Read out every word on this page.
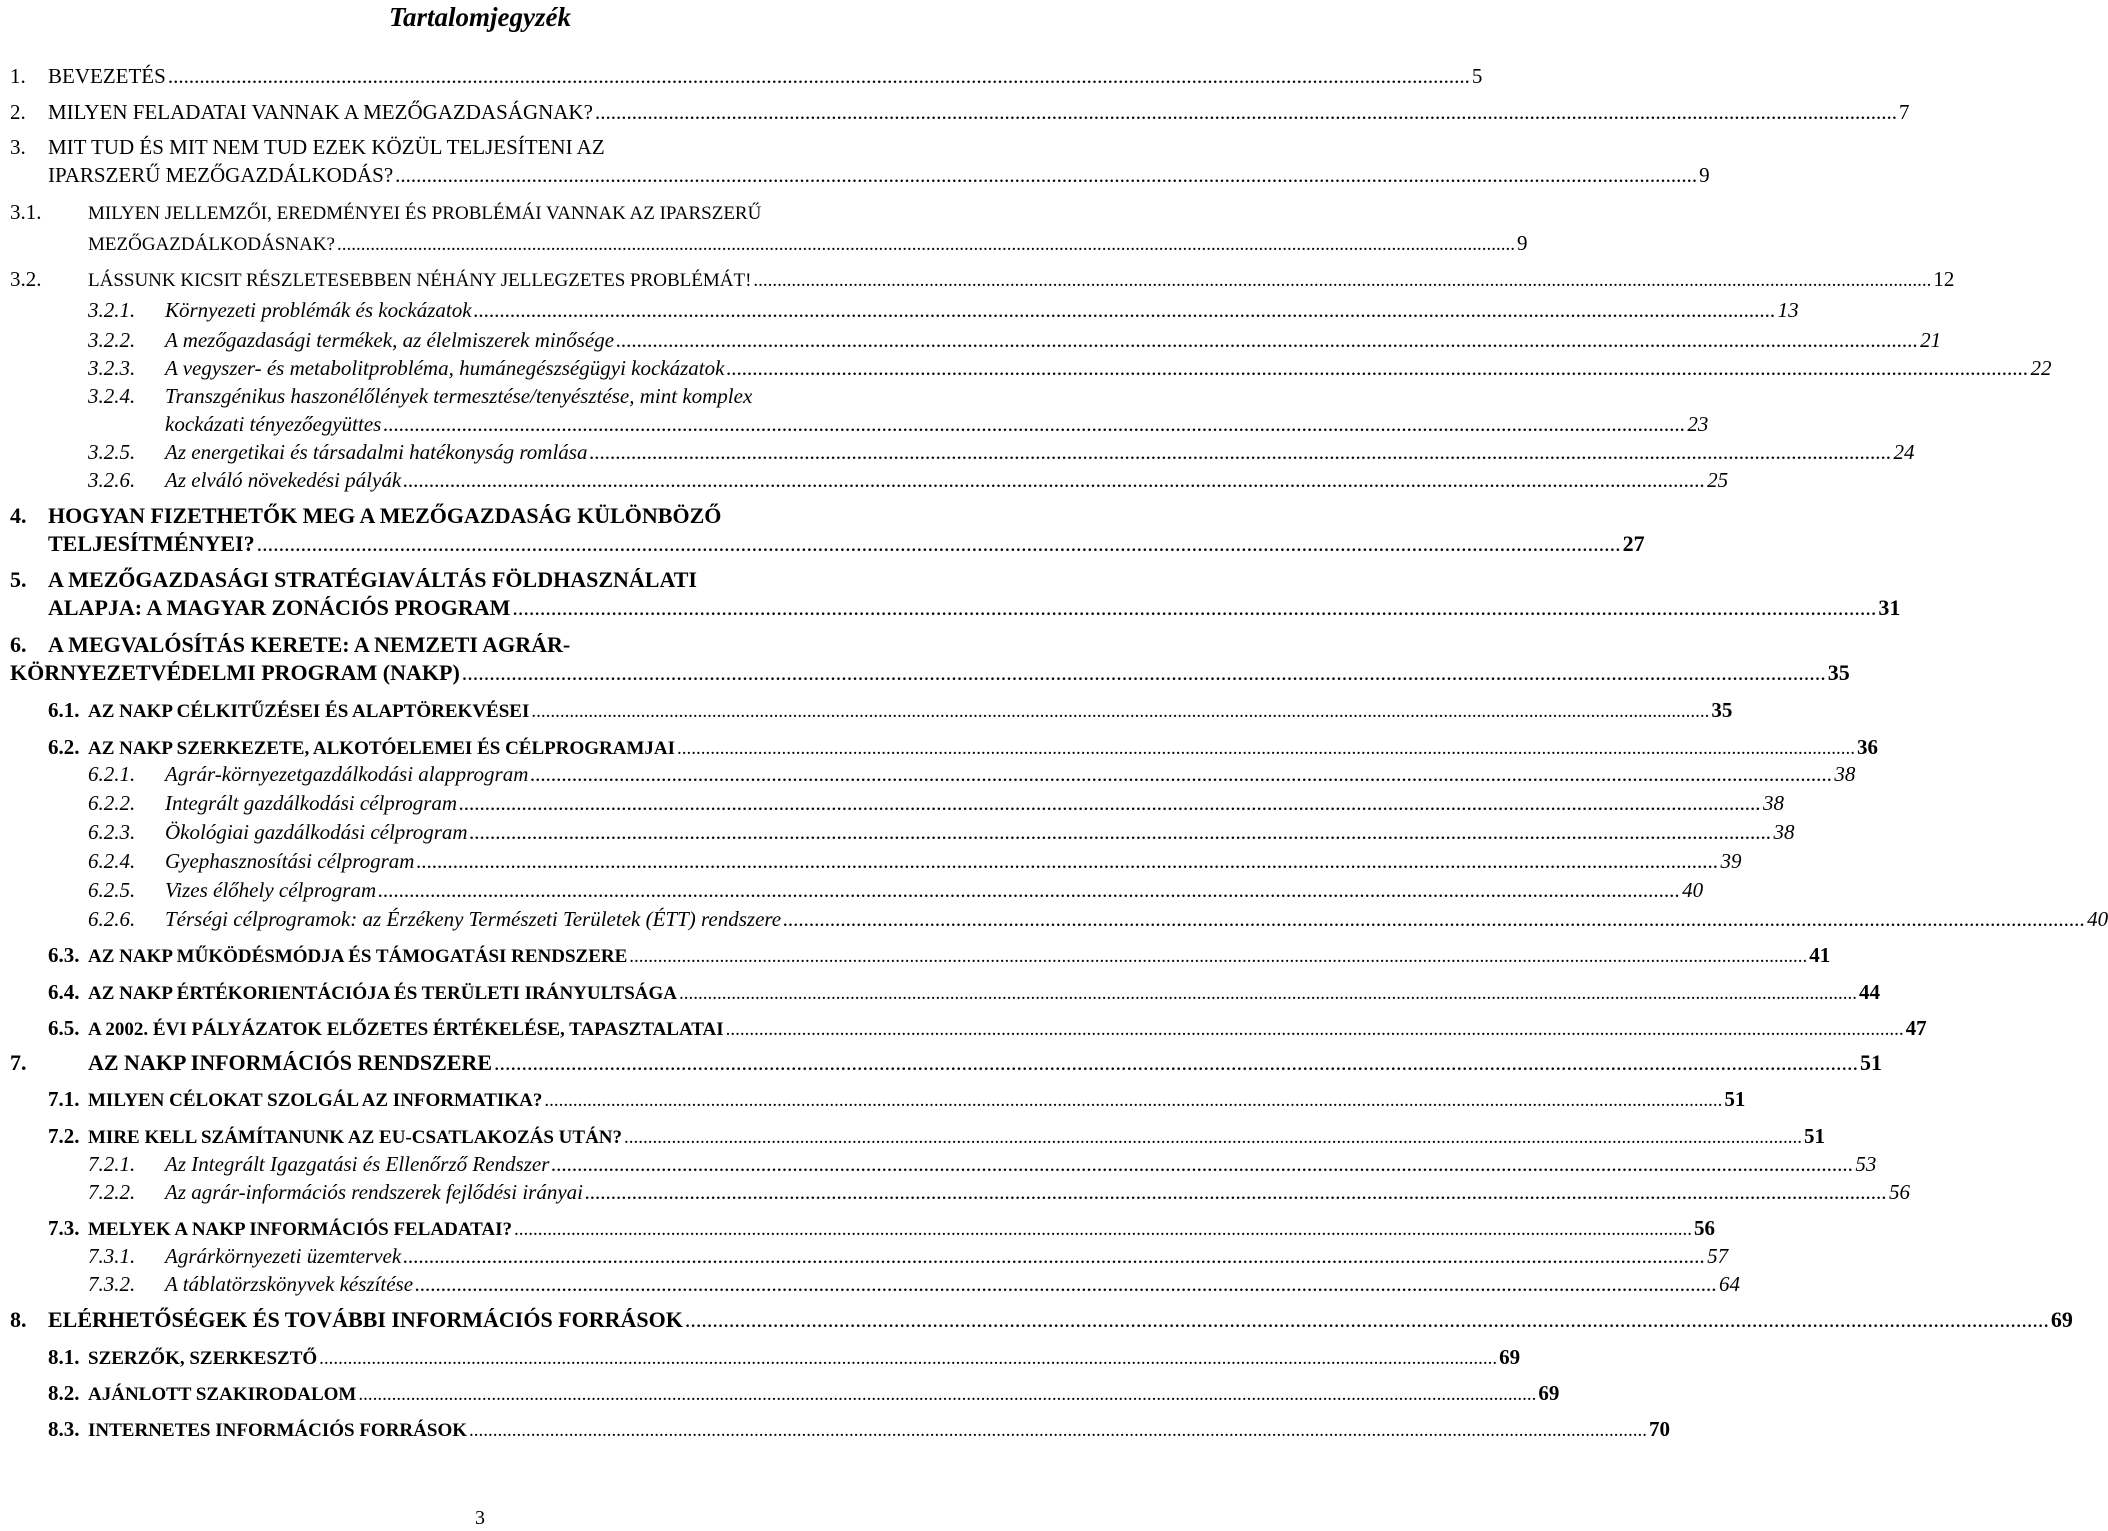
Tartalomjegyzék
1.	BEVEZETÉS .....	5
2.	MILYEN FELADATAI VANNAK A MEZŐGAZDASÁGNAK? .....	7
3. MIT TUD ÉS MIT NEM TUD EZEK KÖZÜL TELJESÍTENI AZ
IPARSZERŰ MEZŐGAZDÁLKODÁS? .....	9
3.1. MILYEN JELLEMZŐI, EREDMÉNYEI ÉS PROBLÉMÁI VANNAK AZ IPARSZERŰ
MEZŐGAZDÁLKODÁSNAK? .....	9
3.2.	LÁSSUNK KICSIT RÉSZLETESEBBEN NÉHÁNY JELLEGZETES PROBLÉMÁT! .....	12
3.2.1.	Környezeti problémák és kockázatok .....	13
3.2.2.	A mezőgazdasági termékek, az élelmiszerek minősége .....	21
3.2.3.	A vegyszer- és metabolitprobléma, humánegészségügyi kockázatok .....	22
3.2.4. Transzgénikus haszonélőlények termesztése/tenyésztése, mint komplex
kockázati tényezőegyüttes .....	23
3.2.5.	Az energetikai és társadalmi hatékonyság romlása .....	24
3.2.6.	Az elváló növekedési pályák .....	25
4. HOGYAN FIZETHETŐK MEG A MEZŐGAZDASÁG KÜLÖNBÖZŐ
TELJESÍTMÉNYEI? .....	27
5. A MEZŐGAZDASÁGI STRATÉGIAVÁLTÁS FÖLDHASZNÁLATI
ALAPJA: A MAGYAR ZONÁCIÓS PROGRAM .....	31
6. A MEGVALÓSÍTÁS KERETE: A NEMZETI AGRÁR-
KÖRNYEZETVÉDELMI PROGRAM (NAKP) .....	35
6.1. AZ NAKP CÉLKITŰZÉSEI ÉS ALAPTÖREKVÉSEI .....	35
6.2. AZ NAKP SZERKEZETE, ALKOTÓELEMEI ÉS CÉLPROGRAMJAI .....	36
6.2.1.	Agrár-környezetgazdálkodási alapprogram .....	38
6.2.2.	Integrált gazdálkodási célprogram .....	38
6.2.3.	Ökológiai gazdálkodási célprogram .....	38
6.2.4.	Gyephasznosítási célprogram .....	39
6.2.5.	Vizes élőhely célprogram .....	40
6.2.6.	Térségi célprogramok: az Érzékeny Természeti Területek (ÉTT) rendszere .....	40
6.3. AZ NAKP MŰKÖDÉSMÓDJA ÉS TÁMOGATÁSI RENDSZERE .....	41
6.4. AZ NAKP ÉRTÉKORIENTÁCIÓJA ÉS TERÜLETI IRÁNYULTSÁGA .....	44
6.5. A 2002. ÉVI PÁLYÁZATOK ELŐZETES ÉRTÉKELÉSE, TAPASZTALATAI .....	47
7.	AZ NAKP INFORMÁCIÓS RENDSZERE .....	51
7.1. MILYEN CÉLOKAT SZOLGÁL AZ INFORMATIKA? .....	51
7.2. MIRE KELL SZÁMÍTANUNK AZ EU-CSATLAKOZÁS UTÁN? .....	51
7.2.1.	Az Integrált Igazgatási és Ellenőrző Rendszer .....	53
7.2.2.	Az agrár-információs rendszerek fejlődési irányai .....	56
7.3. MELYEK A NAKP INFORMÁCIÓS FELADATAI? .....	56
7.3.1.	Agrárkörnyezeti üzemtervek .....	57
7.3.2.	A táblatörzskönyvek készítése .....	64
8. ELÉRHETŐSÉGEK ÉS TOVÁBBI INFORMÁCIÓS FORRÁSOK .....	69
8.1. SZERZŐK, SZERKESZTŐ .....	69
8.2. AJÁNLOTT SZAKIRODALOM .....	69
8.3. INTERNETES INFORMÁCIÓS FORRÁSOK .....	70
3
